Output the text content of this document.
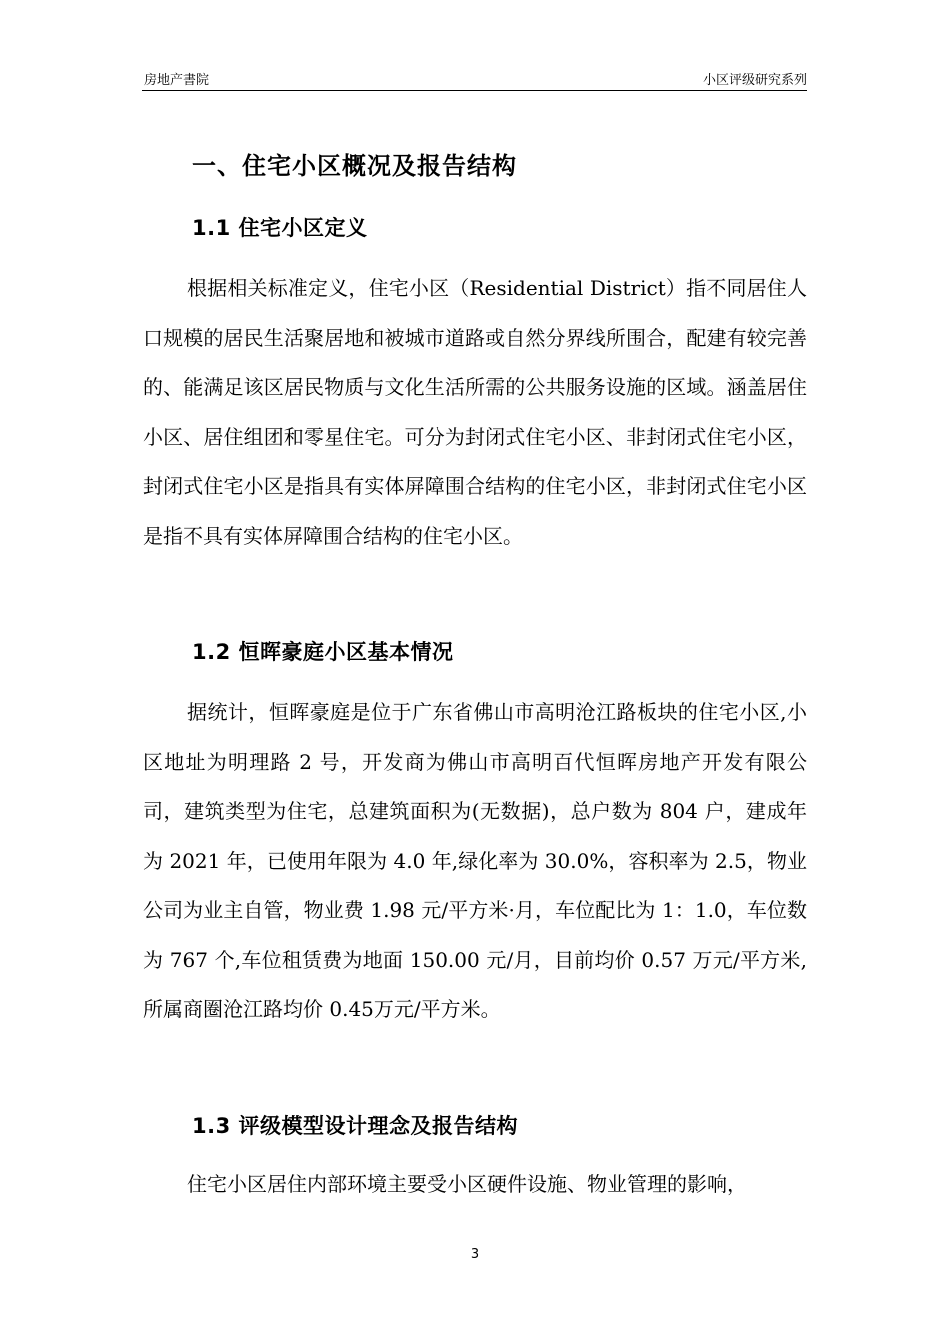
房地产書院	小区评级研究系列
一、住宅小区概况及报告结构
1.1 住宅小区定义

根据相关标准定义，住宅小区（Residential District）指不同居住人口规模的居民生活聚居地和被城市道路或自然分界线所围合，配建有较完善的、能满足该区居民物质与文化生活所需的公共服务设施的区域。涵盖居住小区、居住组团和零星住宅。可分为封闭式住宅小区、非封闭式住宅小区，封闭式住宅小区是指具有实体屏障围合结构的住宅小区，非封闭式住宅小区是指不具有实体屏障围合结构的住宅小区。

1.2 恒晖豪庭小区基本情况

据统计，恒晖豪庭是位于广东省佛山市高明沧江路板块的住宅小区,小区地址为明理路 2 号，开发商为佛山市高明百代恒晖房地产开发有限公司，建筑类型为住宅，总建筑面积为(无数据)，总户数为 804 户，建成年为 2021 年，已使用年限为 4.0 年,绿化率为 30.0%，容积率为 2.5，物业公司为业主自管，物业费 1.98 元/平方米·月，车位配比为 1：1.0，车位数为 767 个,车位租赁费为地面 150.00 元/月，目前均价 0.57 万元/平方米,所属商圈沧江路均价 0.45万元/平方米。

1.3 评级模型设计理念及报告结构

住宅小区居住内部环境主要受小区硬件设施、物业管理的影响，

3
